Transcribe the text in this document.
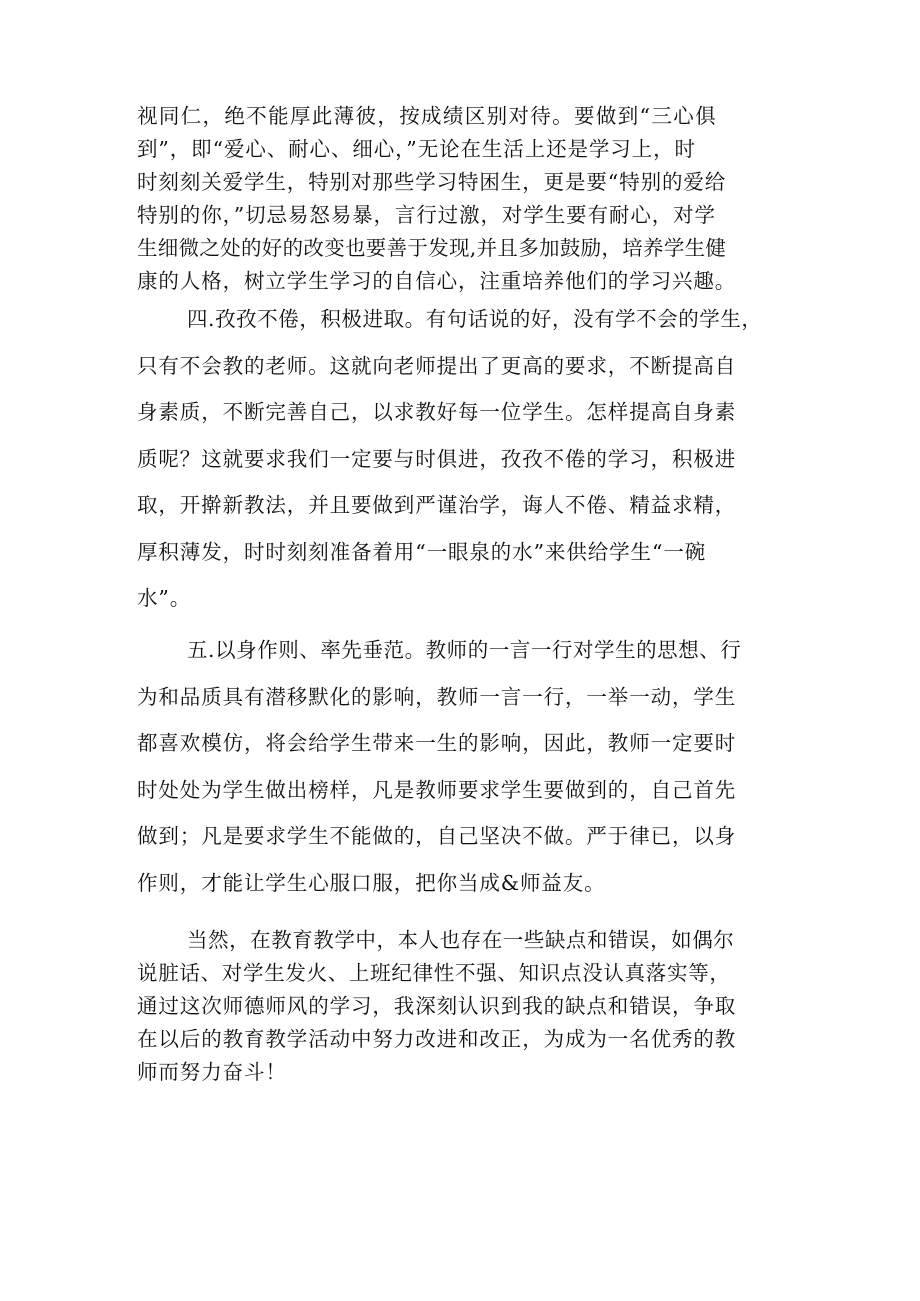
视同仁，绝不能厚此薄彼，按成绩区别对待。要做到“三心俱
到”，即“爱心、耐心、细心，”无论在生活上还是学习上，时
时刻刻关爱学生，特别对那些学习特困生，更是要“特别的爱给
特别的你，”切忌易怒易暴，言行过激，对学生要有耐心，对学
生细微之处的好的改变也要善于发现,并且多加鼓励，培养学生健
康的人格，树立学生学习的自信心，注重培养他们的学习兴趣。
四.孜孜不倦，积极进取。有句话说的好，没有学不会的学生，
只有不会教的老师。这就向老师提出了更高的要求，不断提高自
身素质，不断完善自己，以求教好每一位学生。怎样提高自身素
质呢？这就要求我们一定要与时俱进，孜孜不倦的学习，积极进
取，开擀新教法，并且要做到严谨治学，诲人不倦、精益求精，
厚积薄发，时时刻刻准备着用“一眼泉的水”来供给学生“一碗
水”。
五.以身作则、率先垂范。教师的一言一行对学生的思想、行
为和品质具有潜移默化的影响，教师一言一行，一举一动，学生
都喜欢模仿，将会给学生带来一生的影响，因此，教师一定要时
时处处为学生做出榜样，凡是教师要求学生要做到的，自己首先
做到；凡是要求学生不能做的，自己坚决不做。严于律已，以身
作则，才能让学生心服口服，把你当成&师益友。
当然，在教育教学中，本人也存在一些缺点和错误，如偶尔
说脏话、对学生发火、上班纪律性不强、知识点没认真落实等，
通过这次师德师风的学习，我深刻认识到我的缺点和错误，争取
在以后的教育教学活动中努力改进和改正，为成为一名优秀的教
师而努力奋斗！
